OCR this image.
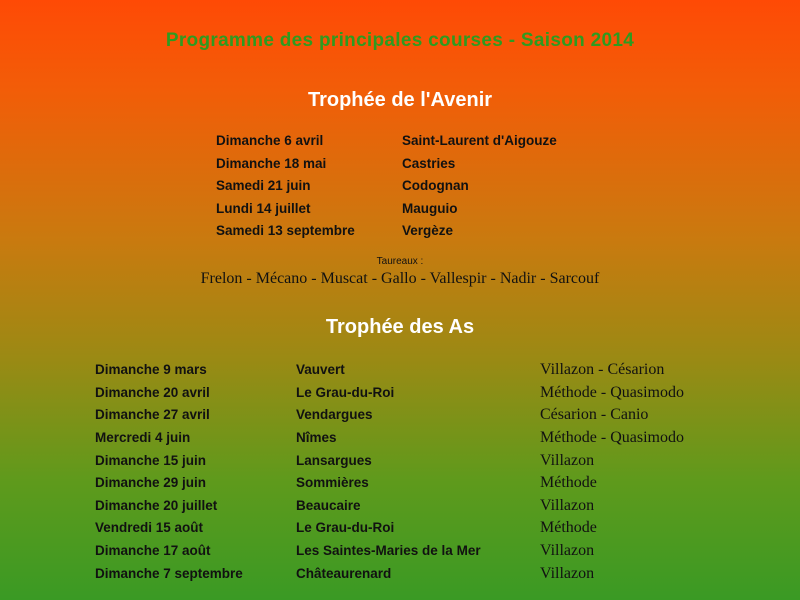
Programme des principales courses - Saison 2014
Trophée de l'Avenir
Dimanche 6 avril	Saint-Laurent d'Aigouze
Dimanche 18 mai	Castries
Samedi 21 juin	Codognan
Lundi 14 juillet	Mauguio
Samedi 13 septembre	Vergèze
Taureaux :
Frelon - Mécano - Muscat - Gallo - Vallespir - Nadir - Sarcouf
Trophée des As
Dimanche 9 mars	Vauvert	Villazon - Césarion
Dimanche 20 avril	Le Grau-du-Roi	Méthode - Quasimodo
Dimanche 27 avril	Vendargues	Césarion - Canio
Mercredi 4 juin	Nîmes	Méthode - Quasimodo
Dimanche 15 juin	Lansargues	Villazon
Dimanche 29 juin	Sommières	Méthode
Dimanche 20 juillet	Beaucaire	Villazon
Vendredi 15 août	Le Grau-du-Roi	Méthode
Dimanche 17 août	Les Saintes-Maries de la Mer	Villazon
Dimanche 7 septembre	Châteaurenard	Villazon
